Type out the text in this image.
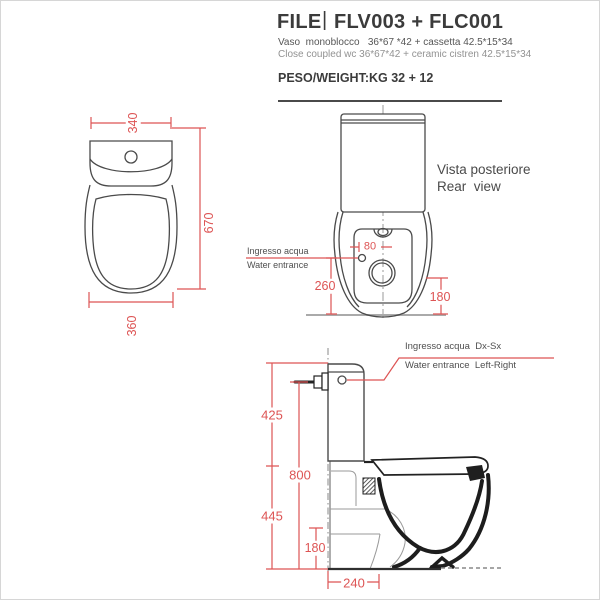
FILE | FLV003 + FLC001
Vaso  monoblocco   36*67 *42 + cassetta 42.5*15*34
Close coupled wc 36*67*42 + ceramic cistren 42.5*15*34
PESO/WEIGHT: KG 32 + 12
Vista posteriore
Rear  view
Ingresso acqua
Water entrance
80
260
180
340
670
360
Ingresso acqua  Dx-Sx
Water entrance  Left-Right
425
800
445
180
240
